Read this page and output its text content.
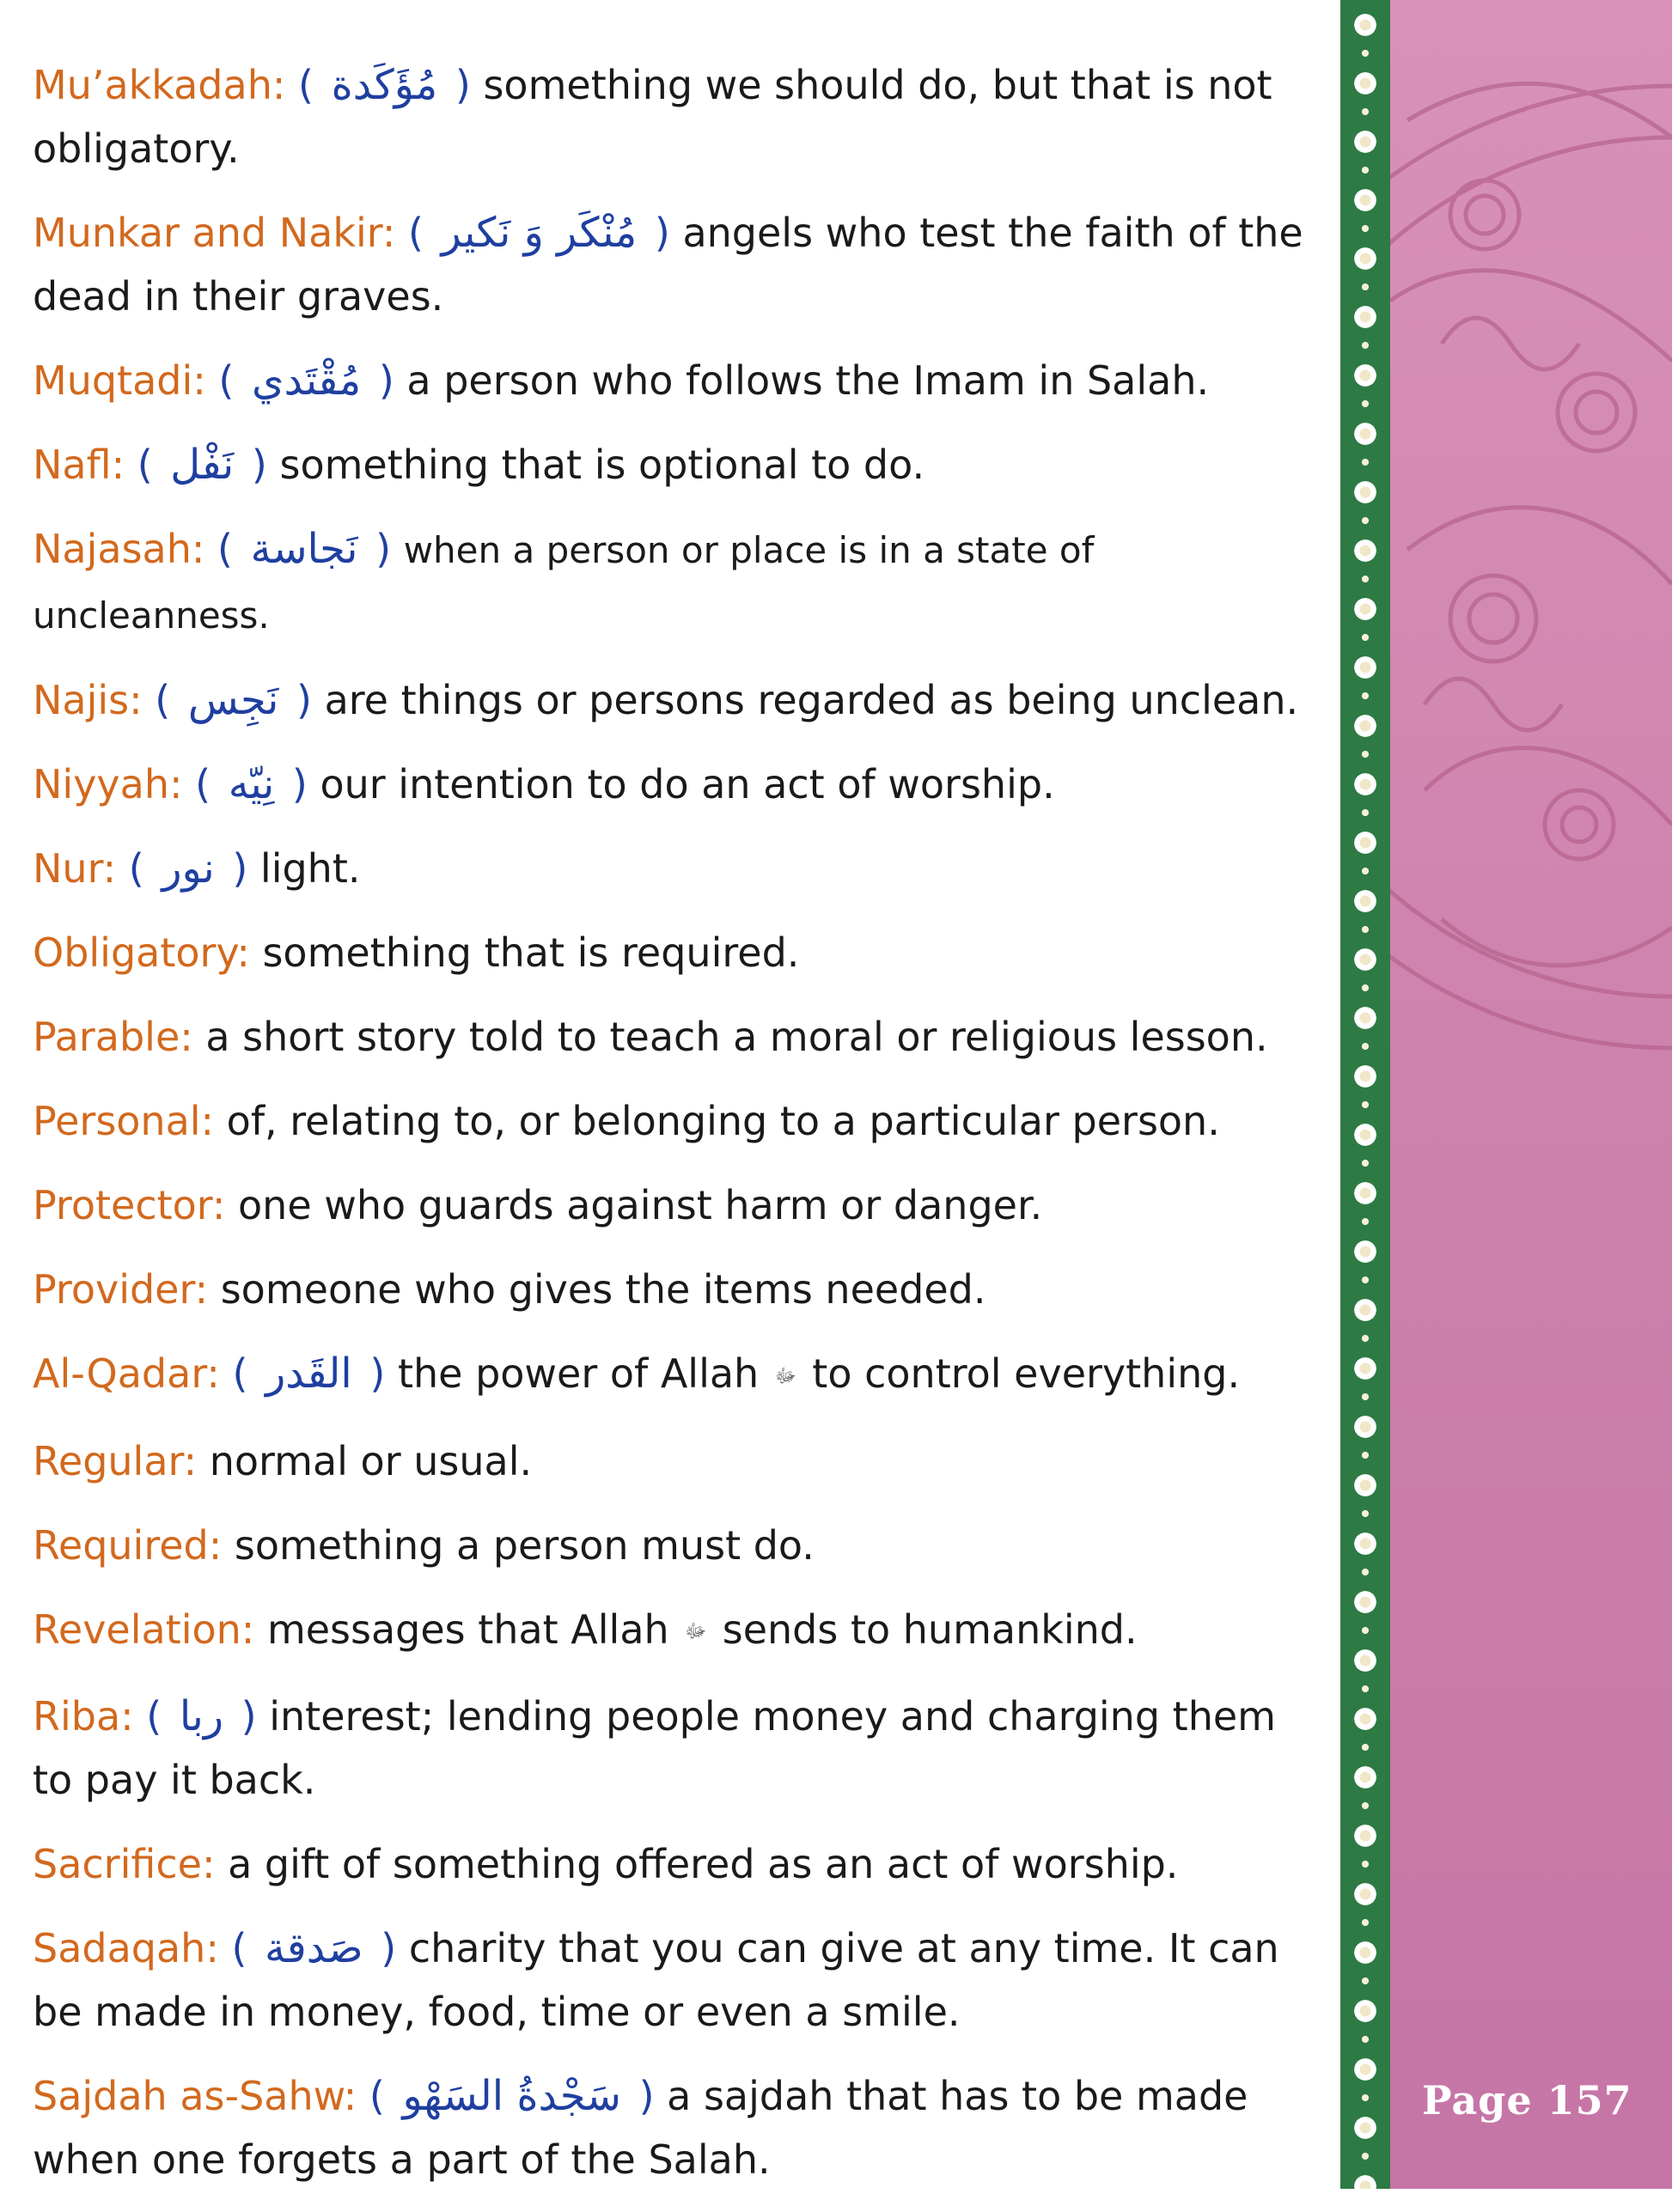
Mu’akkadah: ( مُؤَكَدة ) something we should do, but that is not obligatory.
Munkar and Nakir: ( مُنْكَر وَ نَكير ) angels who test the faith of the dead in their graves.
Muqtadi: ( مُقْتَدي ) a person who follows the Imam in Salah.
Nafl: ( نَفْل ) something that is optional to do.
Najasah: ( نَجاسة ) when a person or place is in a state of uncleanness.
Najis: ( نَجِس ) are things or persons regarded as being unclean.
Niyyah: ( نِيّه ) our intention to do an act of worship.
Nur: ( نور ) light.
Obligatory: something that is required.
Parable: a short story told to teach a moral or religious lesson.
Personal: of, relating to, or belonging to a particular person.
Protector: one who guards against harm or danger.
Provider: someone who gives the items needed.
Al-Qadar: ( القَدر ) the power of Allah ﷻ to control everything.
Regular: normal or usual.
Required: something a person must do.
Revelation: messages that Allah ﷻ sends to humankind.
Riba: ( ربا ) interest; lending people money and charging them to pay it back.
Sacrifice: a gift of something offered as an act of worship.
Sadaqah: ( صَدقة ) charity that you can give at any time. It can be made in money, food, time or even a smile.
Sajdah as-Sahw: ( سَجْدةُ السَهْو ) a sajdah that has to be made when one forgets a part of the Salah.
Page 157
